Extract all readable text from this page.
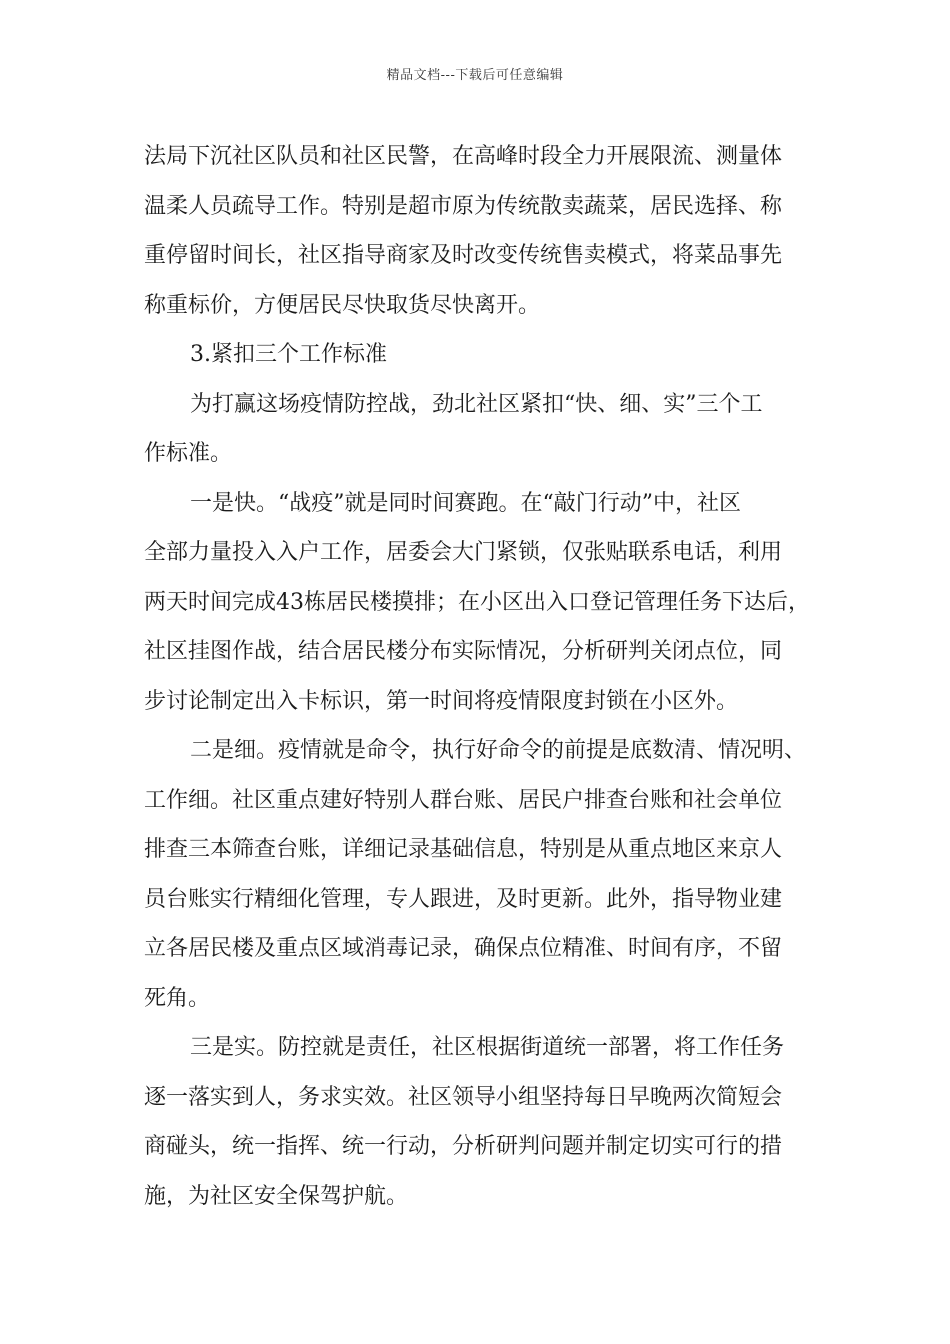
精品文档---下载后可任意编辑
法局下沉社区队员和社区民警，在高峰时段全力开展限流、测量体
温柔人员疏导工作。特别是超市原为传统散卖蔬菜，居民选择、称
重停留时间长，社区指导商家及时改变传统售卖模式，将菜品事先
称重标价，方便居民尽快取货尽快离开。
3.紧扣三个工作标准
为打赢这场疫情防控战，劲北社区紧扣“快、细、实”三个工
作标准。
一是快。“战疫”就是同时间赛跑。在“敲门行动”中，社区
全部力量投入入户工作，居委会大门紧锁，仅张贴联系电话，利用
两天时间完成43栋居民楼摸排；在小区出入口登记管理任务下达后，
社区挂图作战，结合居民楼分布实际情况，分析研判关闭点位，同
步讨论制定出入卡标识，第一时间将疫情限度封锁在小区外。
二是细。疫情就是命令，执行好命令的前提是底数清、情况明、
工作细。社区重点建好特别人群台账、居民户排查台账和社会单位
排查三本筛查台账，详细记录基础信息，特别是从重点地区来京人
员台账实行精细化管理，专人跟进，及时更新。此外，指导物业建
立各居民楼及重点区域消毒记录，确保点位精准、时间有序，不留
死角。
三是实。防控就是责任，社区根据街道统一部署，将工作任务
逐一落实到人，务求实效。社区领导小组坚持每日早晚两次简短会
商碰头，统一指挥、统一行动，分析研判问题并制定切实可行的措
施，为社区安全保驾护航。
